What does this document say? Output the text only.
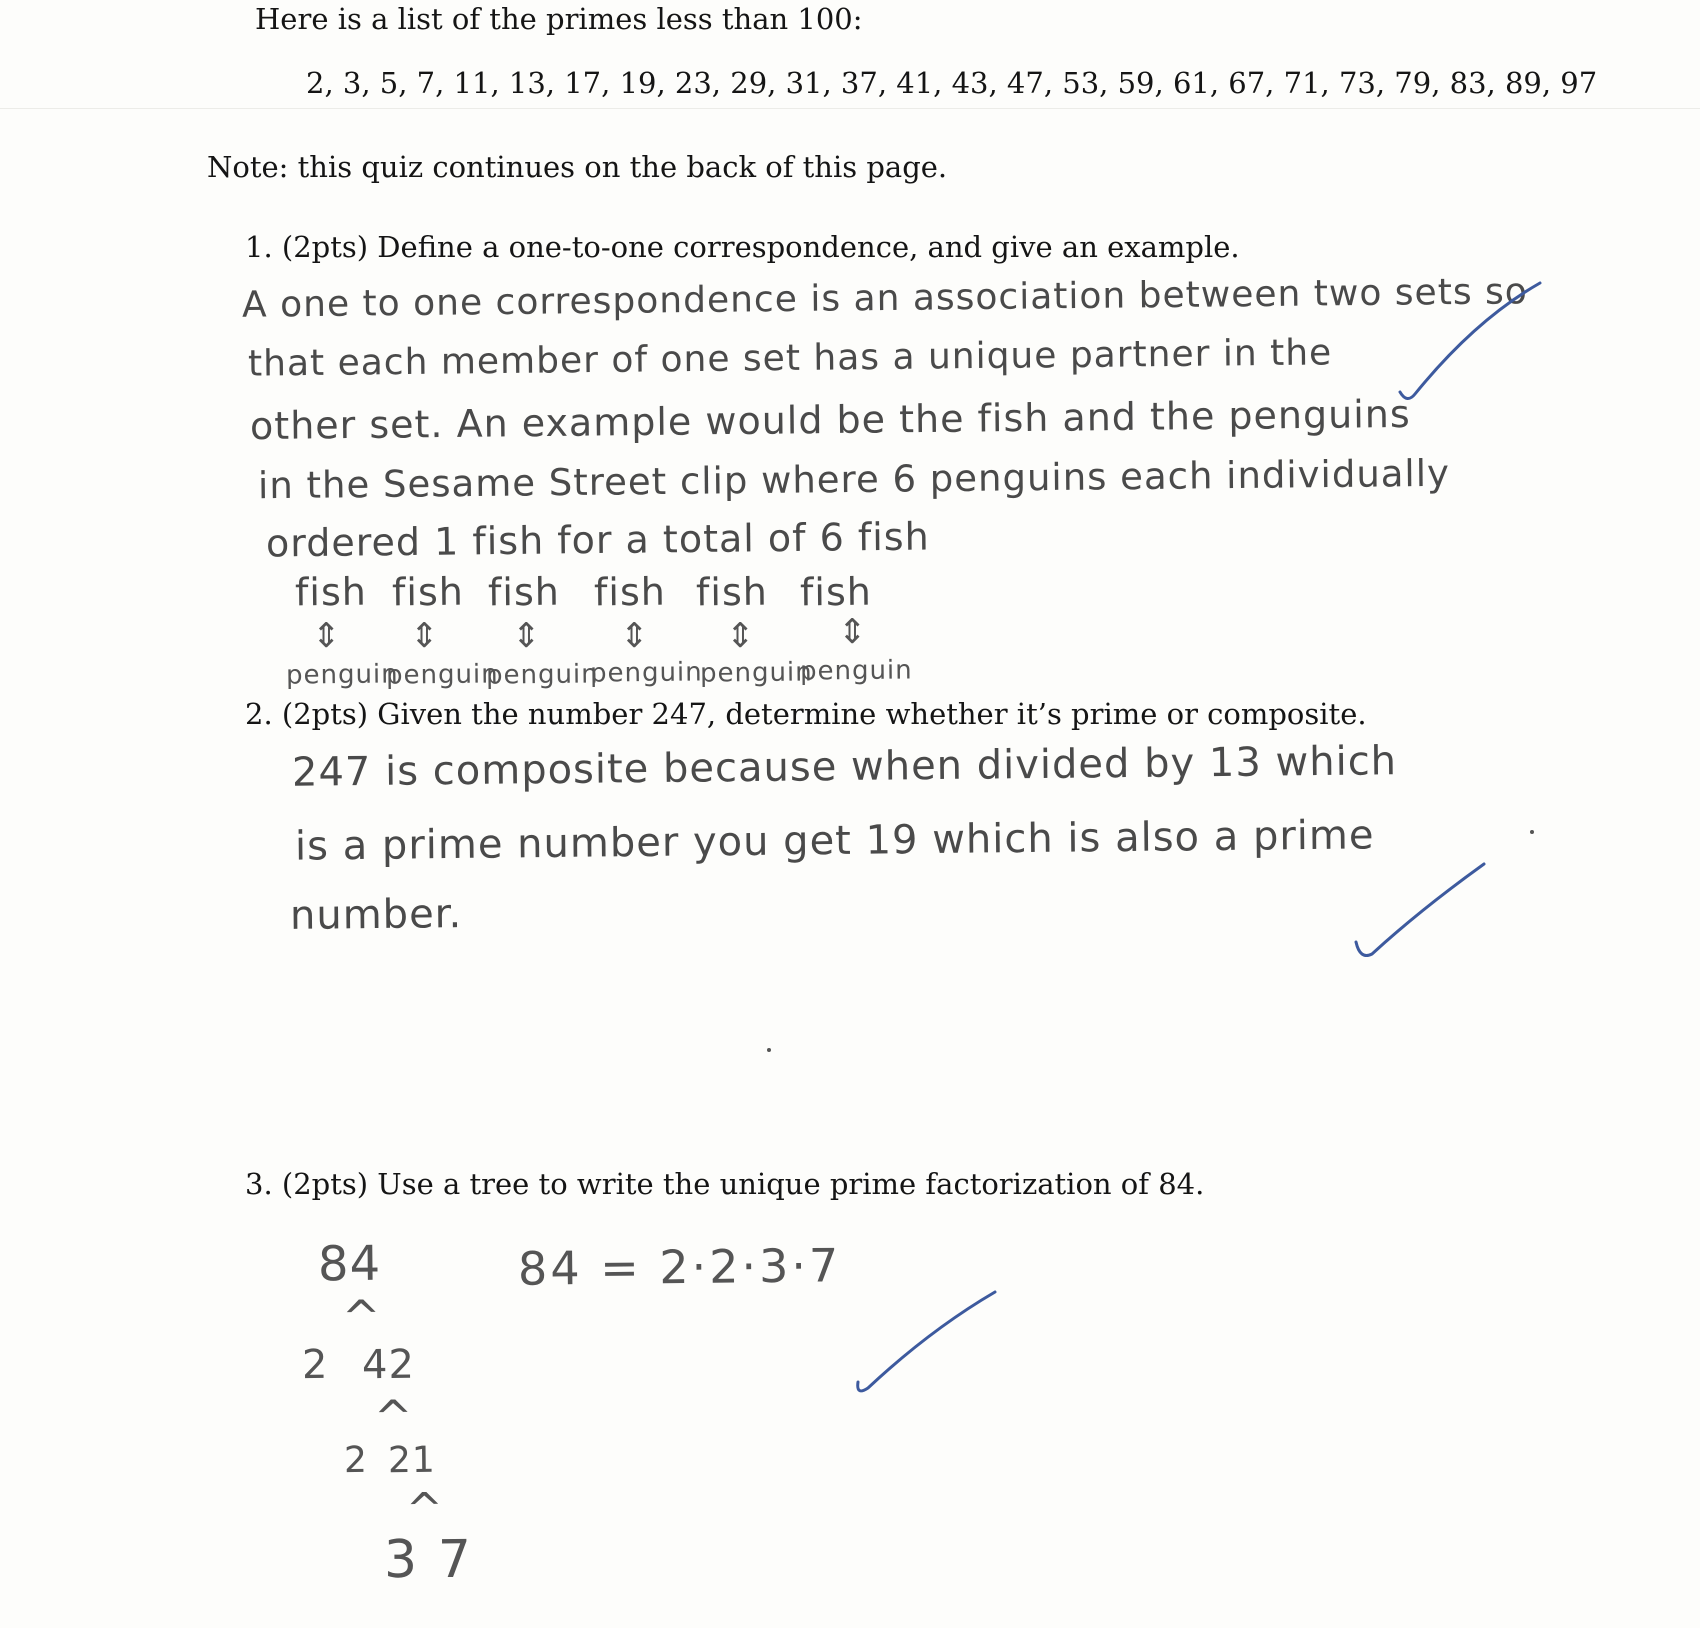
Here is a list of the primes less than 100:
2, 3, 5, 7, 11, 13, 17, 19, 23, 29, 31, 37, 41, 43, 47, 53, 59, 61, 67, 71, 73, 79, 83, 89, 97
Note: this quiz continues on the back of this page.
1. (2pts) Define a one-to-one correspondence, and give an example.
A one to one correspondence is an association between two sets so
that each member of one set has a unique partner in the
other set. An example would be the fish and the penguins
in the Sesame Street clip where 6 penguins each individually
ordered 1 fish for a total of 6 fish
fish fish fish fish fish fish
⇕ ⇕ ⇕ ⇕ ⇕ ⇕
penguin
penguin
penguin
penguin
penguin
penguin
2. (2pts) Given the number 247, determine whether it’s prime or composite.
247 is composite because when divided by 13 which
is a prime number you get 19 which is also a prime
number.
3. (2pts) Use a tree to write the unique prime factorization of 84.
84
^
2 42
^
2 21
^
3 7
84 = 2·2·3·7
